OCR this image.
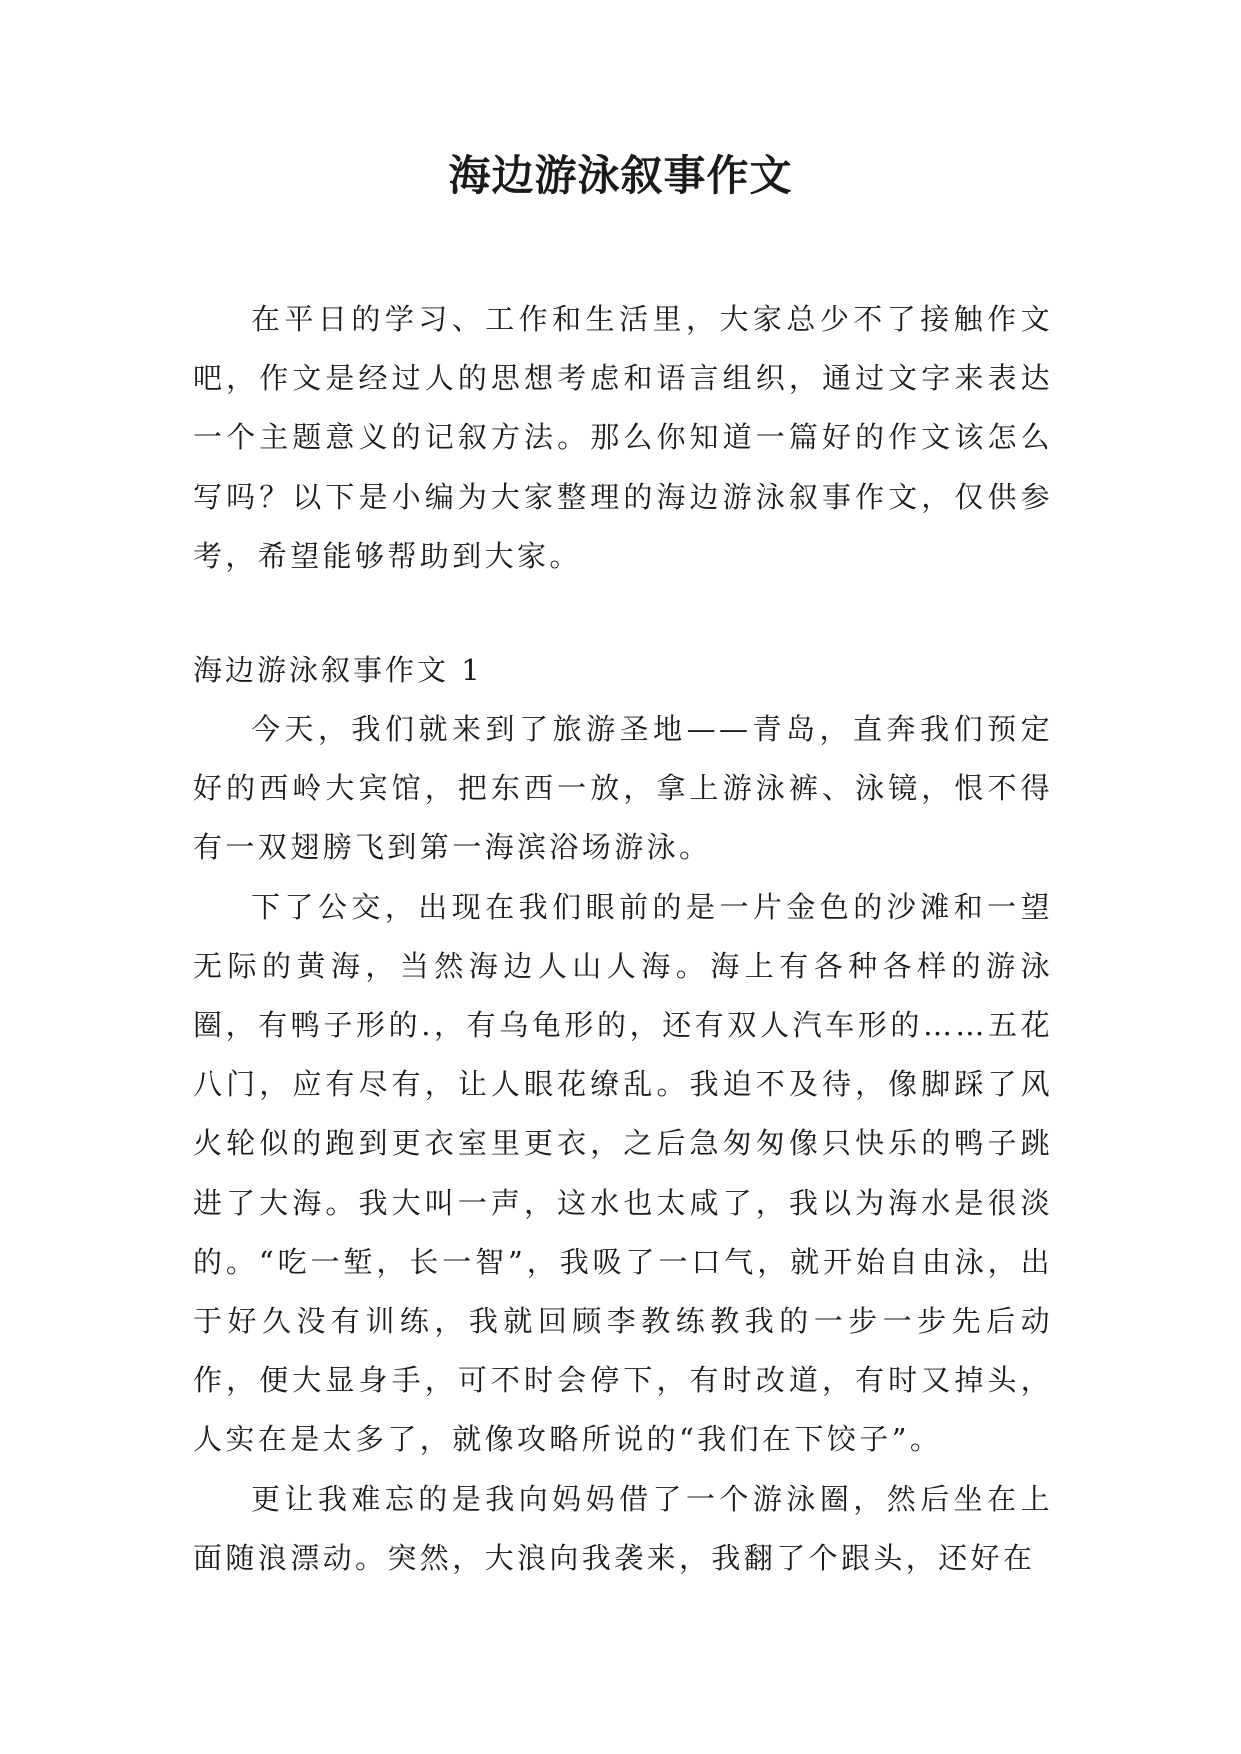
海边游泳叙事作文

在平日的学习、工作和生活里，大家总少不了接触作文吧，作文是经过人的思想考虑和语言组织，通过文字来表达一个主题意义的记叙方法。那么你知道一篇好的作文该怎么写吗？以下是小编为大家整理的海边游泳叙事作文，仅供参考，希望能够帮助到大家。

海边游泳叙事作文 1

今天，我们就来到了旅游圣地——青岛，直奔我们预定好的西岭大宾馆，把东西一放，拿上游泳裤、泳镜，恨不得有一双翅膀飞到第一海滨浴场游泳。

下了公交，出现在我们眼前的是一片金色的沙滩和一望无际的黄海，当然海边人山人海。海上有各种各样的游泳圈，有鸭子形的.，有乌龟形的，还有双人汽车形的……五花八门，应有尽有，让人眼花缭乱。我迫不及待，像脚踩了风火轮似的跑到更衣室里更衣，之后急匆匆像只快乐的鸭子跳进了大海。我大叫一声，这水也太咸了，我以为海水是很淡的。“吃一堑，长一智”，我吸了一口气，就开始自由泳，出于好久没有训练，我就回顾李教练教我的一步一步先后动作，便大显身手，可不时会停下，有时改道，有时又掉头，人实在是太多了，就像攻略所说的“我们在下饺子”。

更让我难忘的是我向妈妈借了一个游泳圈，然后坐在上面随浪漂动。突然，大浪向我袭来，我翻了个跟头，还好在
